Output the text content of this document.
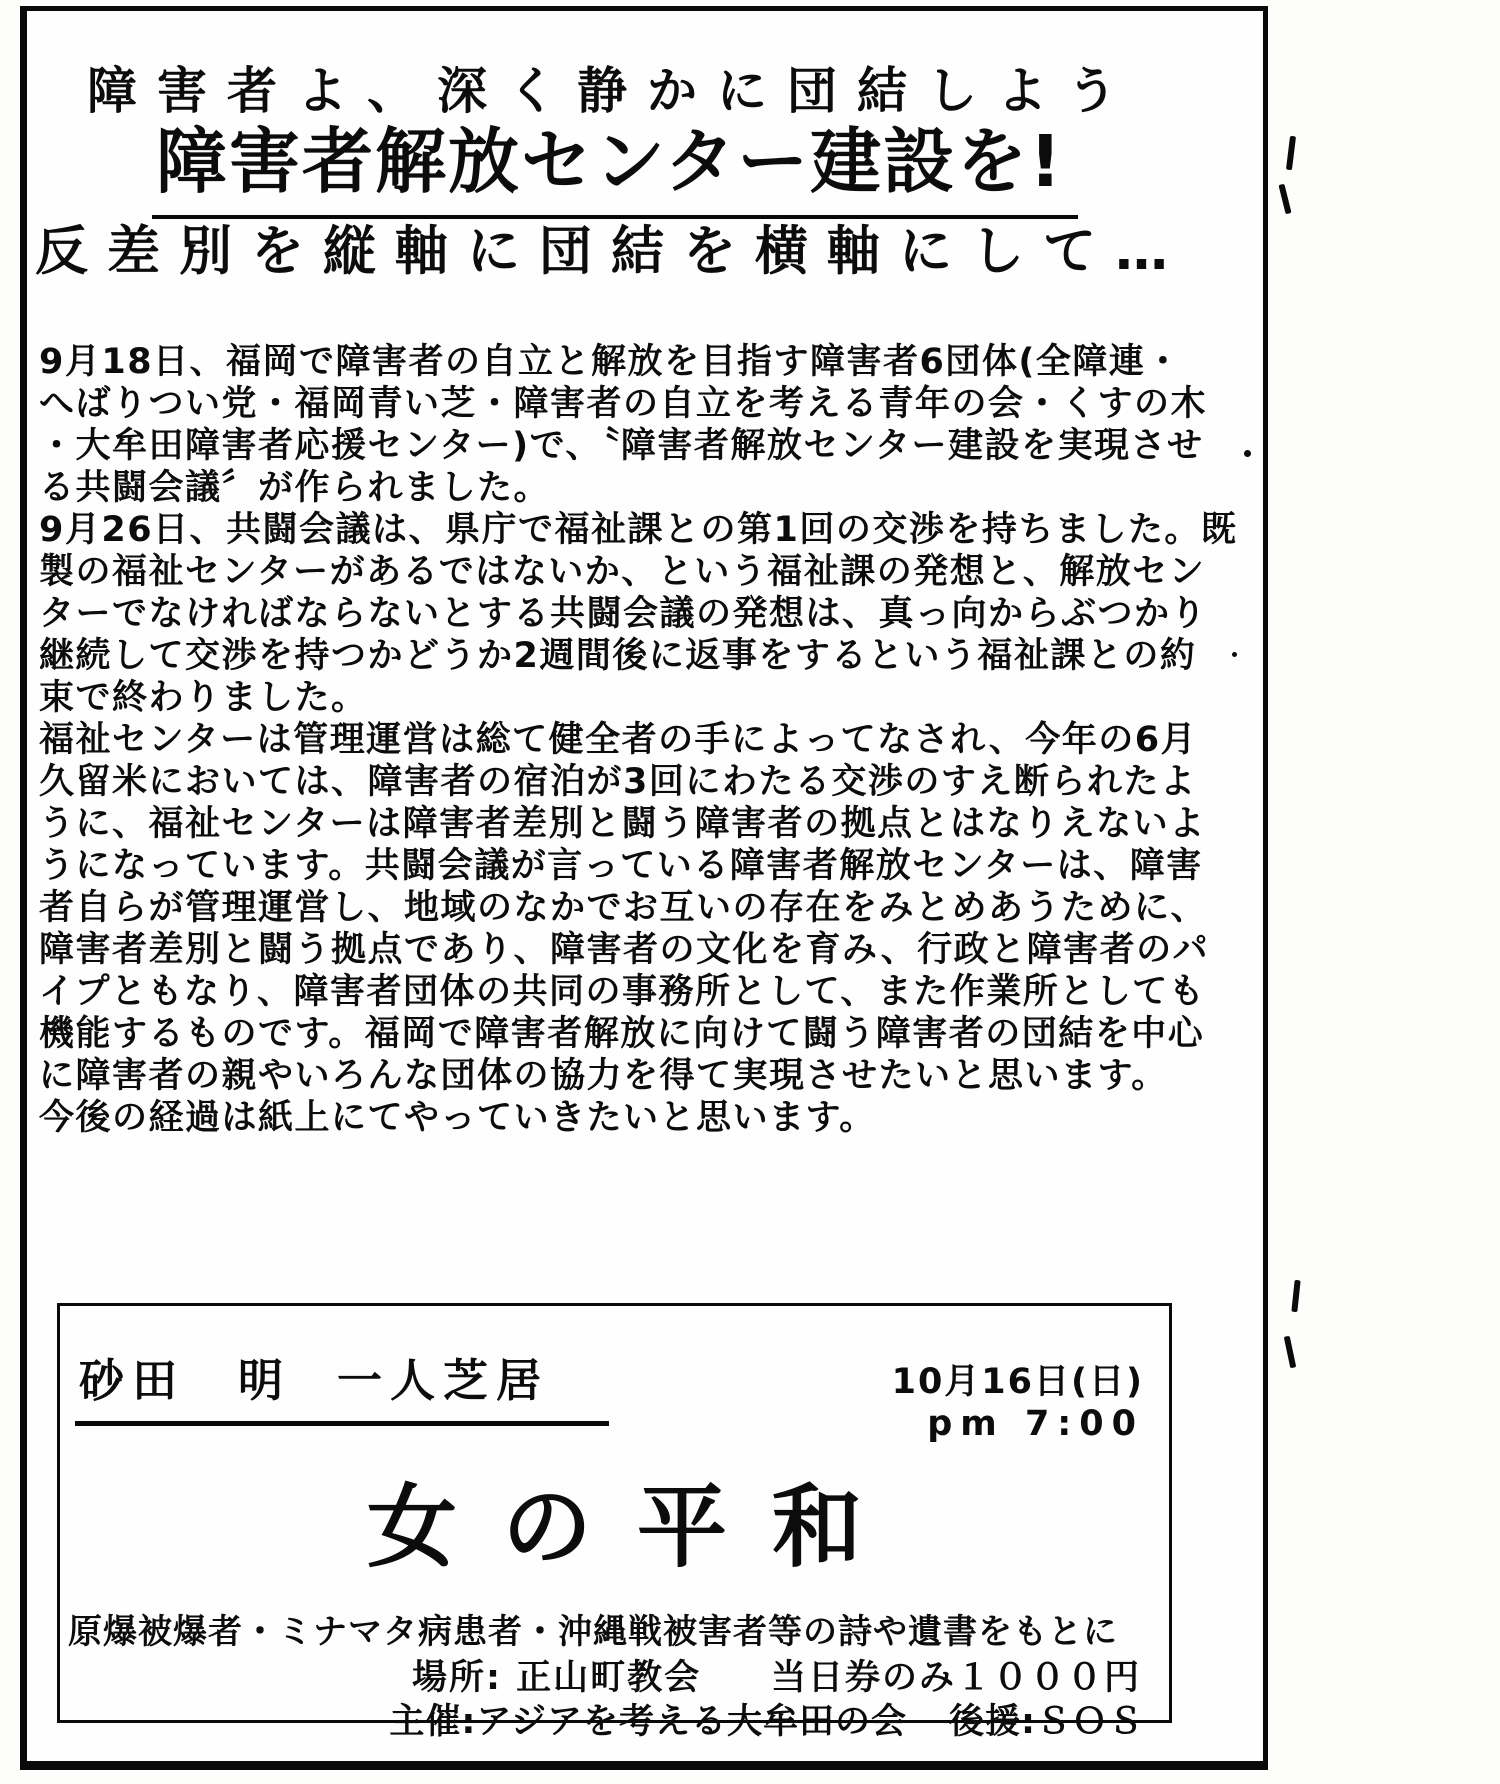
障害者よ、深く静かに団結しよう
障害者解放センター建設を!
反差別を縦軸に団結を横軸にして…
9月18日、福岡で障害者の自立と解放を目指す障害者6団体(全障連・
へばりつい党・福岡青い芝・障害者の自立を考える青年の会・くすの木
・大牟田障害者応援センター)で、〝障害者解放センター建設を実現させ
る共闘会議〞が作られました。
9月26日、共闘会議は、県庁で福祉課との第1回の交渉を持ちました。既
製の福祉センターがあるではないか、という福祉課の発想と、解放セン
ターでなければならないとする共闘会議の発想は、真っ向からぶつかり
継続して交渉を持つかどうか2週間後に返事をするという福祉課との約
束で終わりました。
福祉センターは管理運営は総て健全者の手によってなされ、今年の6月
久留米においては、障害者の宿泊が3回にわたる交渉のすえ断られたよ
うに、福祉センターは障害者差別と闘う障害者の拠点とはなりえないよ
うになっています。共闘会議が言っている障害者解放センターは、障害
者自らが管理運営し、地域のなかでお互いの存在をみとめあうために、
障害者差別と闘う拠点であり、障害者の文化を育み、行政と障害者のパ
イプともなり、障害者団体の共同の事務所として、また作業所としても
機能するものです。福岡で障害者解放に向けて闘う障害者の団結を中心
に障害者の親やいろんな団体の協力を得て実現させたいと思います。
今後の経過は紙上にてやっていきたいと思います。
砂田　明 一人芝居	10月16日(日)
pm 7:00
女の平和
原爆被爆者・ミナマタ病患者・沖縄戦被害者等の詩や遺書をもとに
場所: 正山町教会 当日券のみ１０００円
主催:アジアを考える大牟田の会 後援:ＳＯＳ
